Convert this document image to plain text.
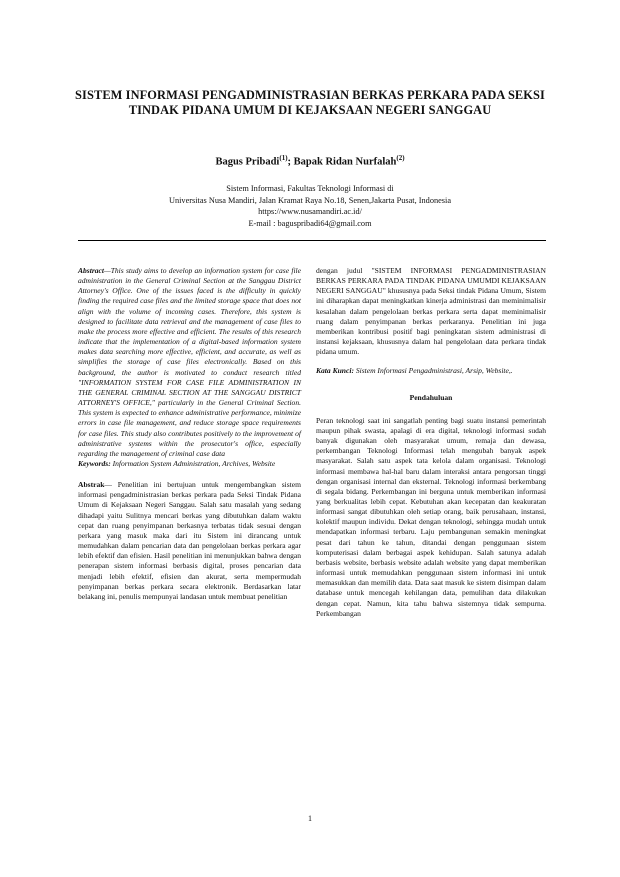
SISTEM INFORMASI PENGADMINISTRASIAN BERKAS PERKARA PADA SEKSI TINDAK PIDANA UMUM DI KEJAKSAAN NEGERI SANGGAU
Bagus Pribadi$^{(1)}$; Bapak Ridan Nurfalah$^{(2)}$
Sistem Informasi, Fakultas Teknologi Informasi di
Universitas Nusa Mandiri, Jalan Kramat Raya No.18, Senen,Jakarta Pusat, Indonesia
https://www.nusamandiri.ac.id/
E-mail : baguspribadi64@gmail.com

Abstract—This study aims to develop an information system for case file administration in the General Criminal Section at the Sanggau District Attorney's Office. One of the issues faced is the difficulty in quickly finding the required case files and the limited storage space that does not align with the volume of incoming cases. Therefore, this system is designed to facilitate data retrieval and the management of case files to make the process more effective and efficient. The results of this research indicate that the implementation of a digital-based information system makes data searching more effective, efficient, and accurate, as well as simplifies the storage of case files electronically. Based on this background, the author is motivated to conduct research titled "INFORMATION SYSTEM FOR CASE FILE ADMINISTRATION IN THE GENERAL CRIMINAL SECTION AT THE SANGGAU DISTRICT ATTORNEY'S OFFICE," particularly in the General Criminal Section. This system is expected to enhance administrative performance, minimize errors in case file management, and reduce storage space requirements for case files. This study also contributes positively to the improvement of administrative systems within the prosecutor's office, especially regarding the management of criminal case data

Keywords: Information System Administration, Archives, Website

Abstrak— Penelitian ini bertujuan untuk mengembangkan sistem informasi pengadministrasian berkas perkara pada Seksi Tindak Pidana Umum di Kejaksaan Negeri Sanggau. Salah satu masalah yang sedang dihadapi yaitu Sulitnya mencari berkas yang dibutuhkan dalam waktu cepat dan ruang penyimpanan berkasnya terbatas tidak sesuai dengan perkara yang masuk maka dari itu Sistem ini dirancang untuk memudahkan dalam pencarian data dan pengelolaan berkas perkara agar lebih efektif dan efisien. Hasil penelitian ini menunjukkan bahwa dengan penerapan sistem informasi berbasis digital, proses pencarian data menjadi lebih efektif, efisien dan akurat, serta mempermudah penyimpanan berkas perkara secara elektronik. Berdasarkan latar belakang ini, penulis mempunyai landasan untuk membuat penelitian

dengan judul "SISTEM INFORMASI PENGADMINISTRASIAN BERKAS PERKARA PADA TINDAK PIDANA UMUMDI KEJAKSAAN NEGERI SANGGAU" khususnya pada Seksi tindak Pidana Umum, Sistem ini diharapkan dapat meningkatkan kinerja administrasi dan meminimalisir kesalahan dalam pengelolaan berkas perkara serta dapat meminimalisir ruang dalam penyimpanan berkas perkaranya. Penelitian ini juga memberikan kontribusi positif bagi peningkatan sistem administrasi di instansi kejaksaan, khususnya dalam hal pengelolaan data perkara tindak pidana umum.

Kata Kunci: Sistem Informasi Pengadministrasi, Arsip, Website,.

Pendahuluan

Peran teknologi saat ini sangatlah penting bagi suatu instansi pemerintah maupun pihak swasta, apalagi di era digital, teknologi informasi sudah banyak digunakan oleh masyarakat umum, remaja dan dewasa, perkembangan Teknologi Informasi telah mengubah banyak aspek masyarakat. Salah satu aspek tata kelola dalam organisasi. Teknologi informasi membawa hal-hal baru dalam interaksi antara pengorsan tinggi dengan organisasi internal dan eksternal. Teknologi informasi berkembang di segala bidang. Perkembangan ini berguna untuk memberikan informasi yang berkualitas lebih cepat. Kebutuhan akan kecepatan dan keakuratan informasi sangat dibutuhkan oleh setiap orang, baik perusahaan, instansi, kolektif maupun individu. Dekat dengan teknologi, sehingga mudah untuk mendapatkan informasi terbaru. Laju pembangunan semakin meningkat pesat dari tahun ke tahun, ditandai dengan penggunaan sistem komputerisasi dalam berbagai aspek kehidupan. Salah satunya adalah berbasis website, berbasis website adalah website yang dapat memberikan informasi untuk memudahkan penggunaan sistem informasi ini untuk memasukkan dan memilih data. Data saat masuk ke sistem disimpan dalam database untuk mencegah kehilangan data, pemulihan data dilakukan dengan cepat. Namun, kita tahu bahwa sistemnya tidak sempurna. Perkembangan

1
